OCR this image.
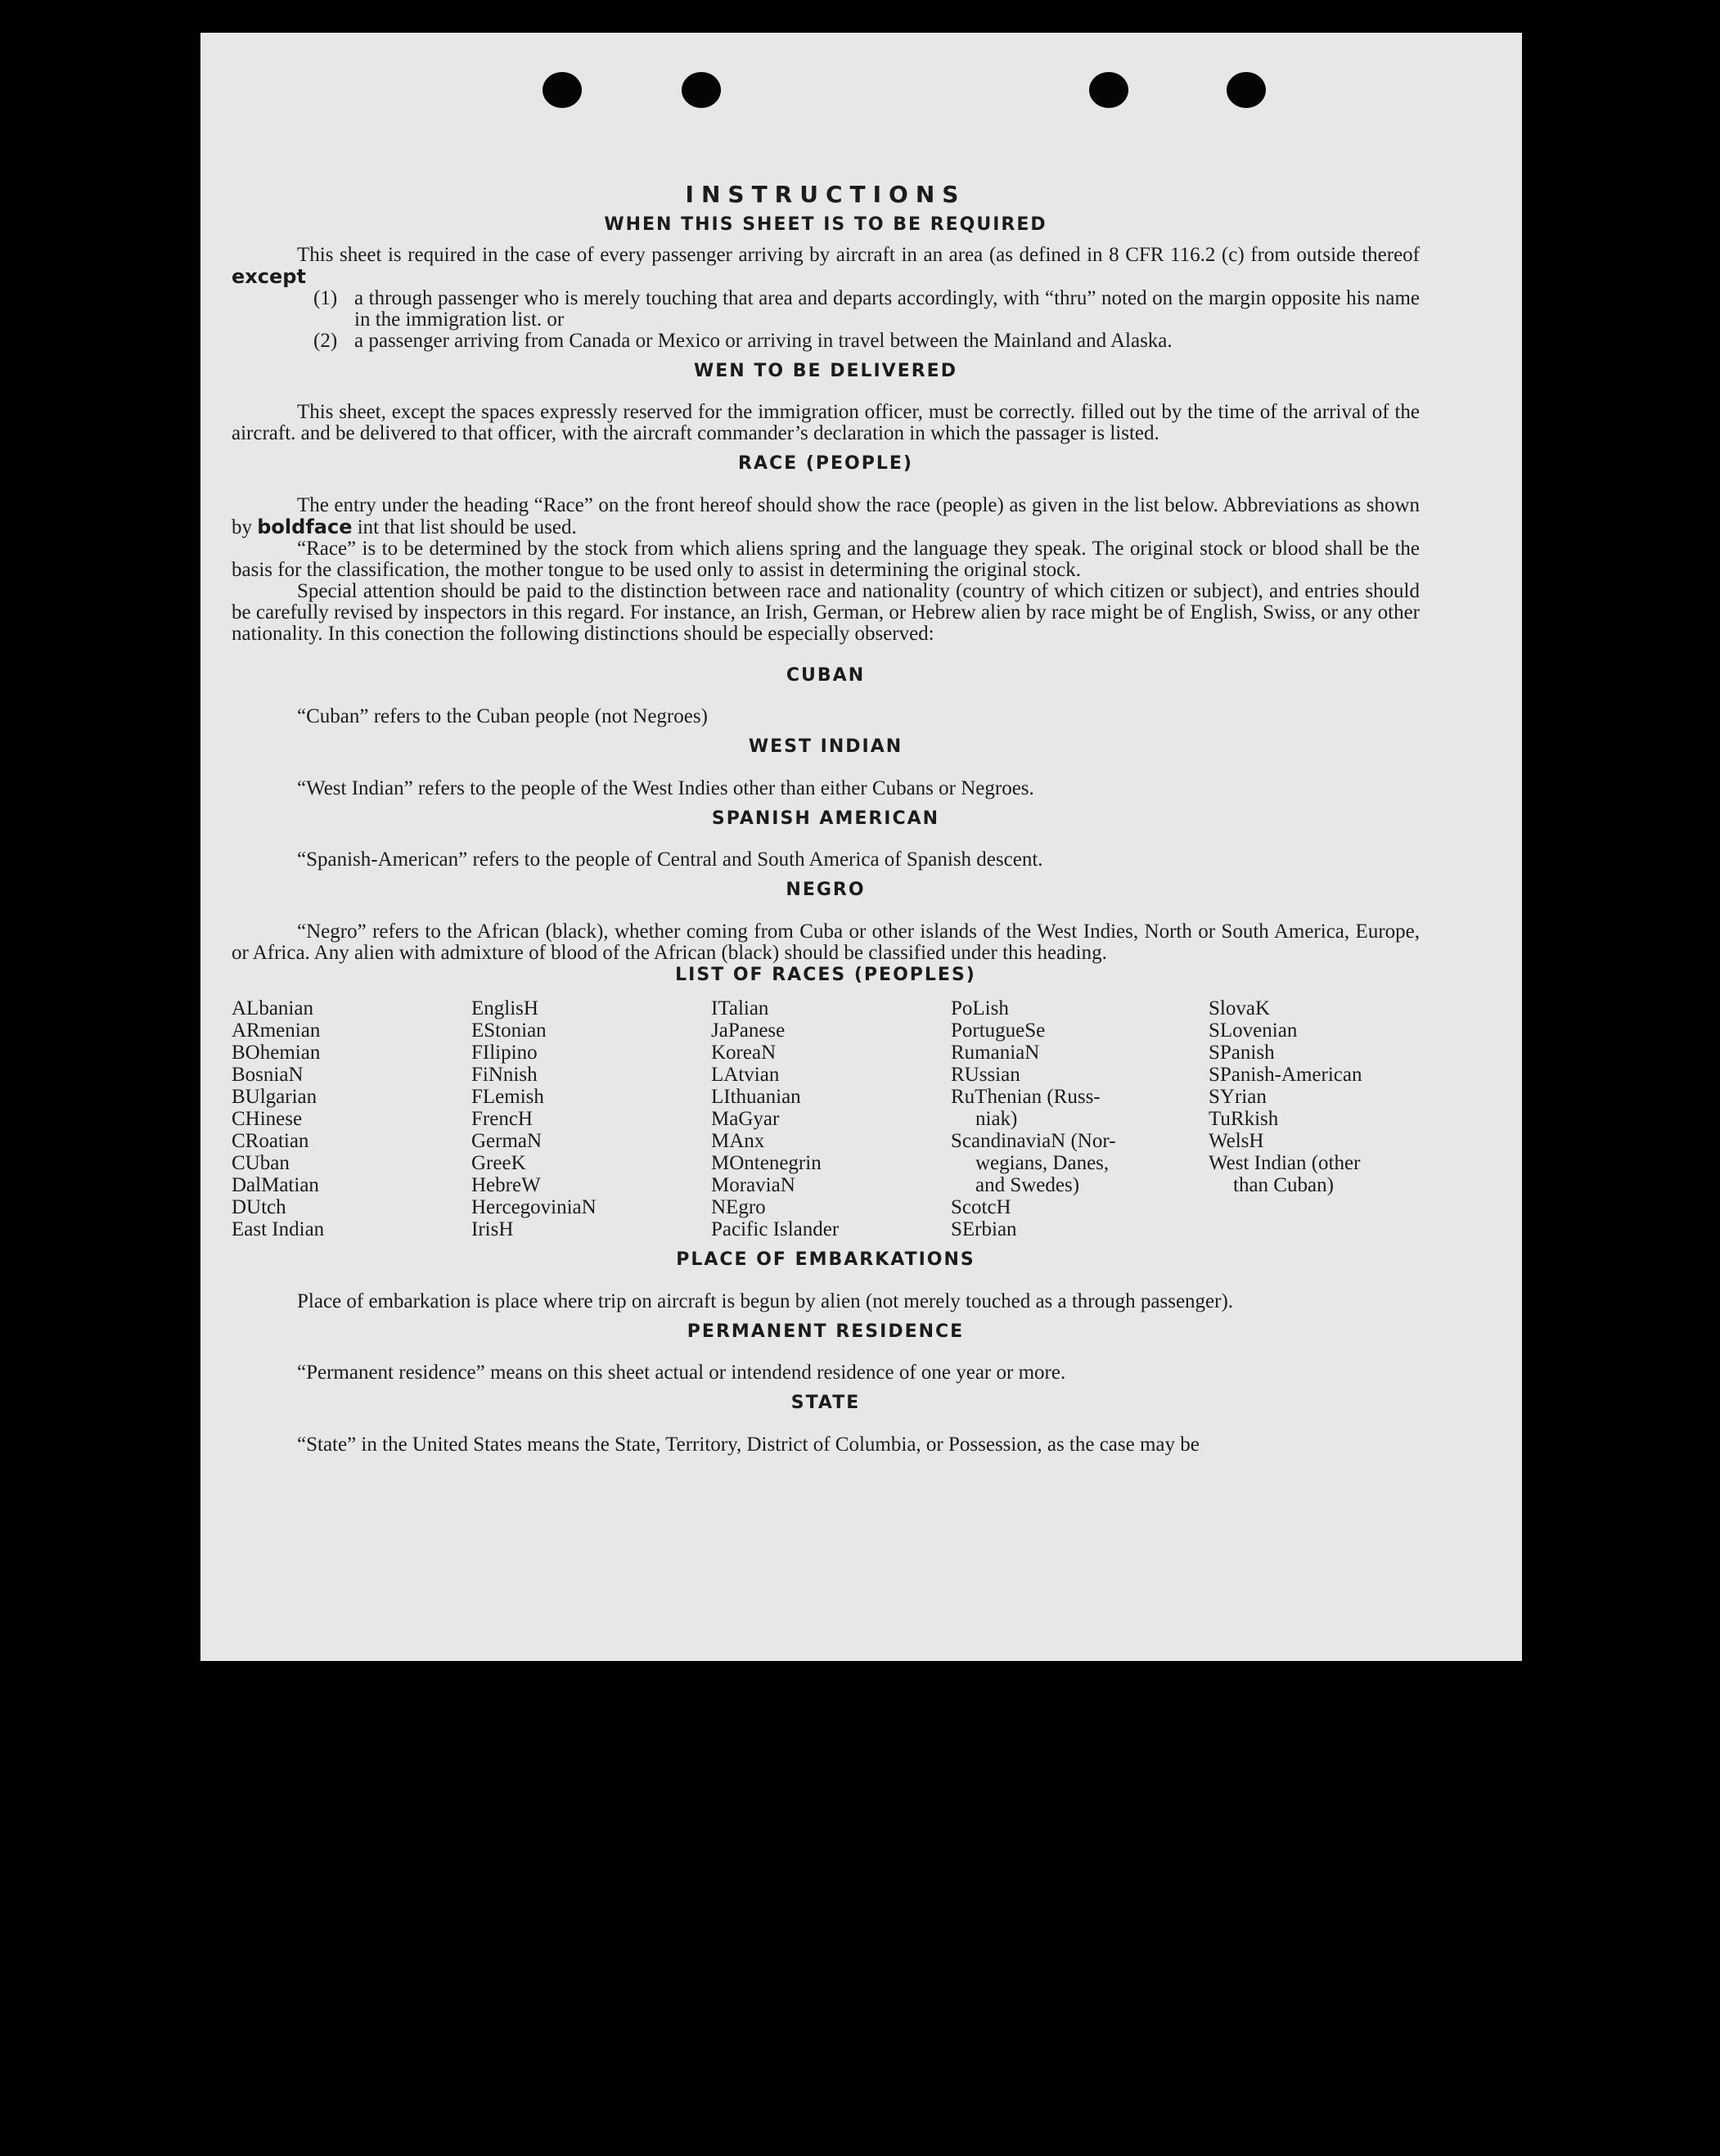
INSTRUCTIONS
WHEN THIS SHEET IS TO BE REQUIRED

This sheet is required in the case of every passenger arriving by aircraft in an area (as defined in 8 CFR 116.2 (c) from outside thereof except

(1) a through passenger who is merely touching that area and departs accordingly, with “thru” noted on the margin opposite his name in the immigration list. or
(2) a passenger arriving from Canada or Mexico or arriving in travel between the Mainland and Alaska.
WEN TO BE DELIVERED

This sheet, except the spaces expressly reserved for the immigration officer, must be correctly. filled out by the time of the arrival of the aircraft. and be delivered to that officer, with the aircraft commander’s declaration in which the passager is listed.

RACE (PEOPLE)

The entry under the heading “Race” on the front hereof should show the race (people) as given in the list below. Abbreviations as shown by boldface int that list should be used.

“Race” is to be determined by the stock from which aliens spring and the language they speak. The original stock or blood shall be the basis for the classification, the mother tongue to be used only to assist in determining the original stock.

Special attention should be paid to the distinction between race and nationality (country of which citizen or subject), and entries should be carefully revised by inspectors in this regard. For instance, an Irish, German, or Hebrew alien by race might be of English, Swiss, or any other nationality. In this conection the following distinctions should be especially observed:

CUBAN

“Cuban” refers to the Cuban people (not Negroes)

WEST INDIAN

“West Indian” refers to the people of the West Indies other than either Cubans or Negroes.

SPANISH AMERICAN

“Spanish-American” refers to the people of Central and South America of Spanish descent.

NEGRO

“Negro” refers to the African (black), whether coming from Cuba or other islands of the West Indies, North or South America, Europe, or Africa. Any alien with admixture of blood of the African (black) should be classified under this heading.

LIST OF RACES (PEOPLES)
ALbanian
ARmenian
BOhemian
BosniaN
BUlgarian
CHinese
CRoatian
CUban
DalMatian
DUtch
East Indian
EnglisH
EStonian
FIlipino
FiNnish
FLemish
FrencH
GermaN
GreeK
HebreW
HercegoviniaN
IrisH
ITalian
JaPanese
KoreaN
LAtvian
LIthuanian
MaGyar
MAnx
MOntenegrin
MoraviaN
NEgro
Pacific Islander
PoLish
PortugueSe
RumaniaN
RUssian
RuThenian (Russ-
niak)
ScandinaviaN (Nor-
wegians, Danes,
and Swedes)
ScotcH
SErbian
SlovaK
SLovenian
SPanish
SPanish-American
SYrian
TuRkish
WelsH
West Indian (other
than Cuban)
PLACE OF EMBARKATIONS

Place of embarkation is place where trip on aircraft is begun by alien (not merely touched as a through passenger).

PERMANENT RESIDENCE

“Permanent residence” means on this sheet actual or intendend residence of one year or more.

STATE

“State” in the United States means the State, Territory, District of Columbia, or Possession, as the case may be
